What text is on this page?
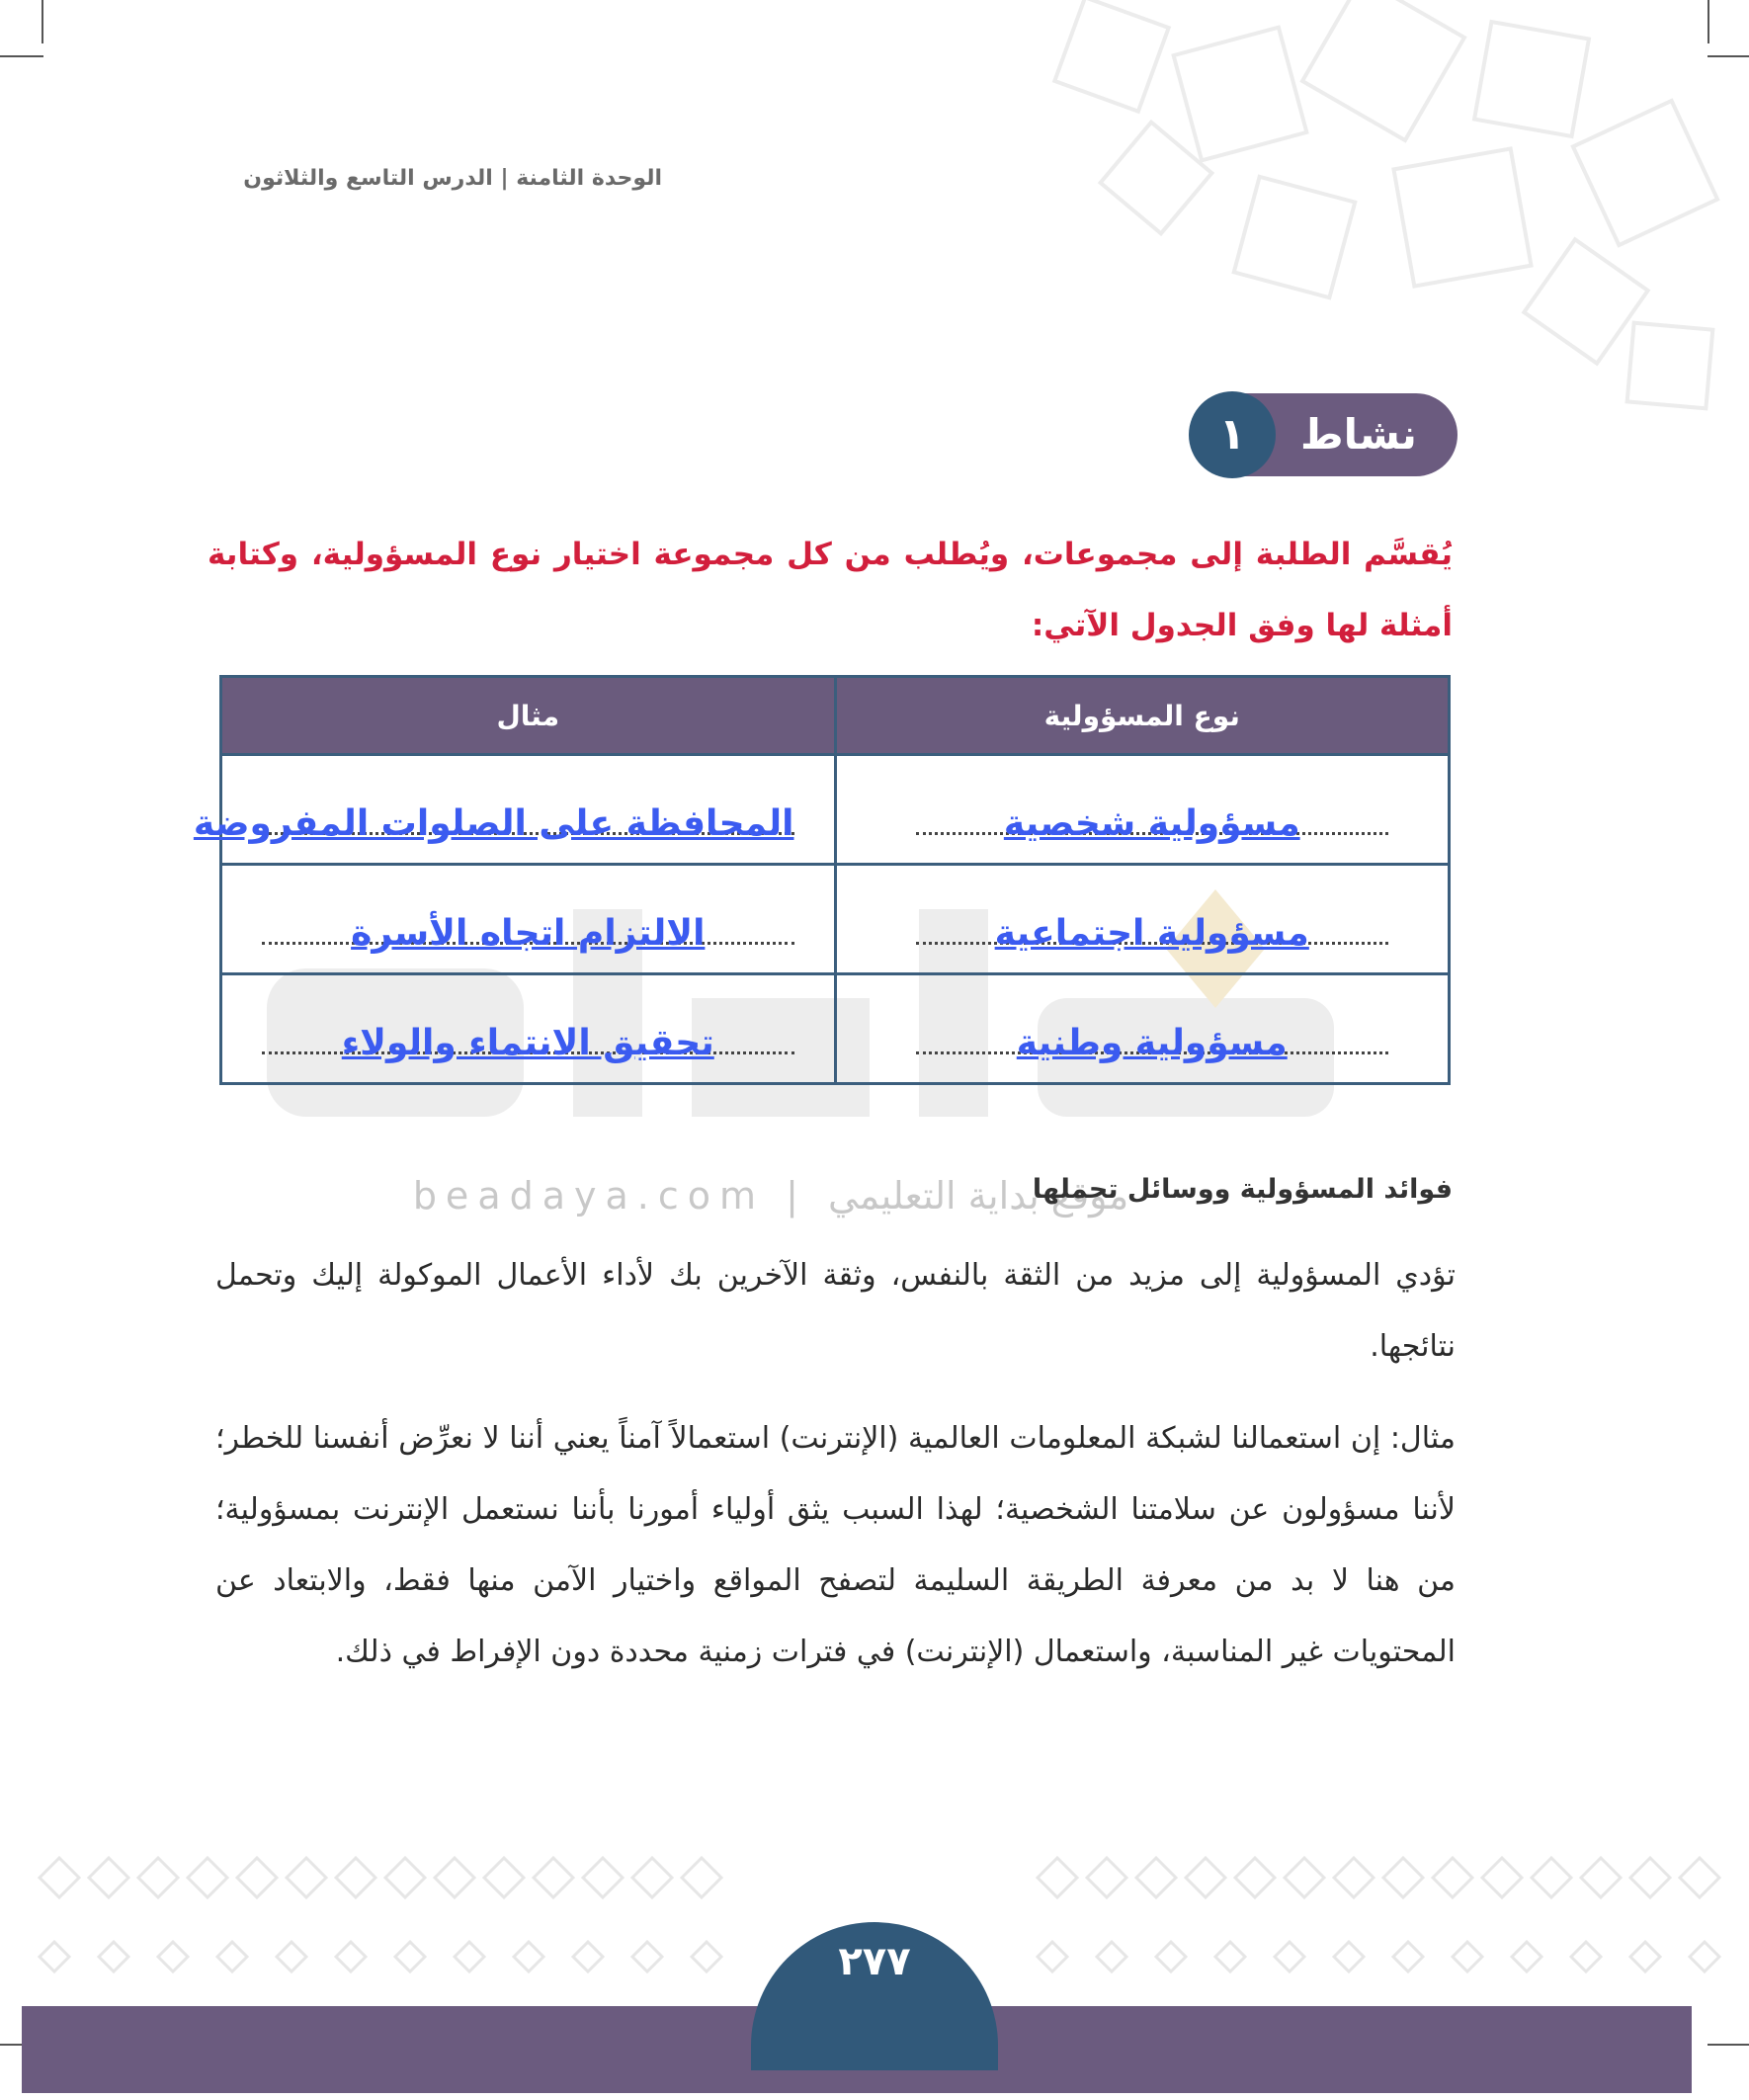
الوحدة الثامنة | الدرس التاسع والثلاثون
نشاط
١
يُقسَّم الطلبة إلى مجموعات، ويُطلب من كل مجموعة اختيار نوع المسؤولية، وكتابة أمثلة لها وفق الجدول الآتي:
beadaya.com | موقع بداية التعليمي
نوع المسؤولية	مثال

مسؤولية شخصية	المحافظة على الصلوات المفروضة

مسؤولية اجتماعية	الالتزام اتجاه الأسرة

مسؤولية وطنية	تحقيق الانتماء والولاء
فوائد المسؤولية ووسائل تحملها
تؤدي المسؤولية إلى مزيد من الثقة بالنفس، وثقة الآخرين بك لأداء الأعمال الموكولة إليك وتحمل نتائجها.
مثال: إن استعمالنا لشبكة المعلومات العالمية (الإنترنت) استعمالاً آمناً يعني أننا لا نعرِّض أنفسنا للخطر؛ لأننا مسؤولون عن سلامتنا الشخصية؛ لهذا السبب يثق أولياء أمورنا بأننا نستعمل الإنترنت بمسؤولية؛ من هنا لا بد من معرفة الطريقة السليمة لتصفح المواقع واختيار الآمن منها فقط، والابتعاد عن المحتويات غير المناسبة، واستعمال (الإنترنت) في فترات زمنية محددة دون الإفراط في ذلك.
٢٧٧
